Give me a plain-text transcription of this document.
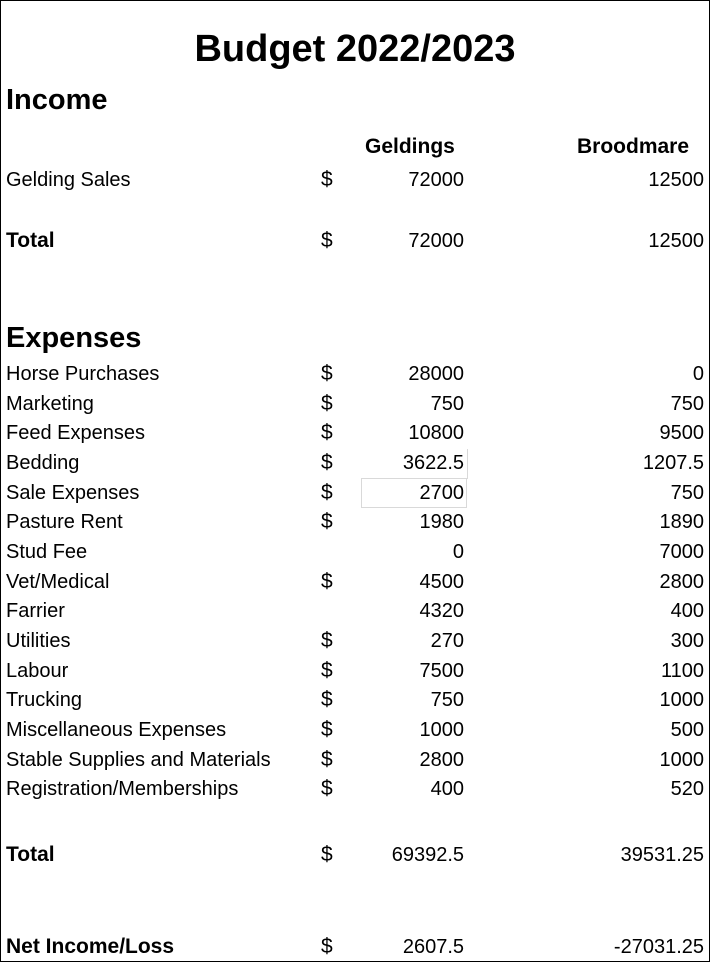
Budget 2022/2023
Income
Geldings	Broodmare
Gelding Sales	$	72000	12500
Total	$	72000	12500
Expenses
Horse Purchases	$	28000	0
Marketing	$	750	750
Feed Expenses	$	10800	9500
Bedding	$	3622.5	1207.5
Sale Expenses	$	2700	750
Pasture Rent	$	1980	1890
Stud Fee	0	7000
Vet/Medical	$	4500	2800
Farrier	4320	400
Utilities	$	270	300
Labour	$	7500	1100
Trucking	$	750	1000
Miscellaneous Expenses	$	1000	500
Stable Supplies and Materials $	2800	1000
Registration/Memberships	$	400	520
Total	$	69392.5	39531.25
Net Income/Loss	$	2607.5	-27031.25
